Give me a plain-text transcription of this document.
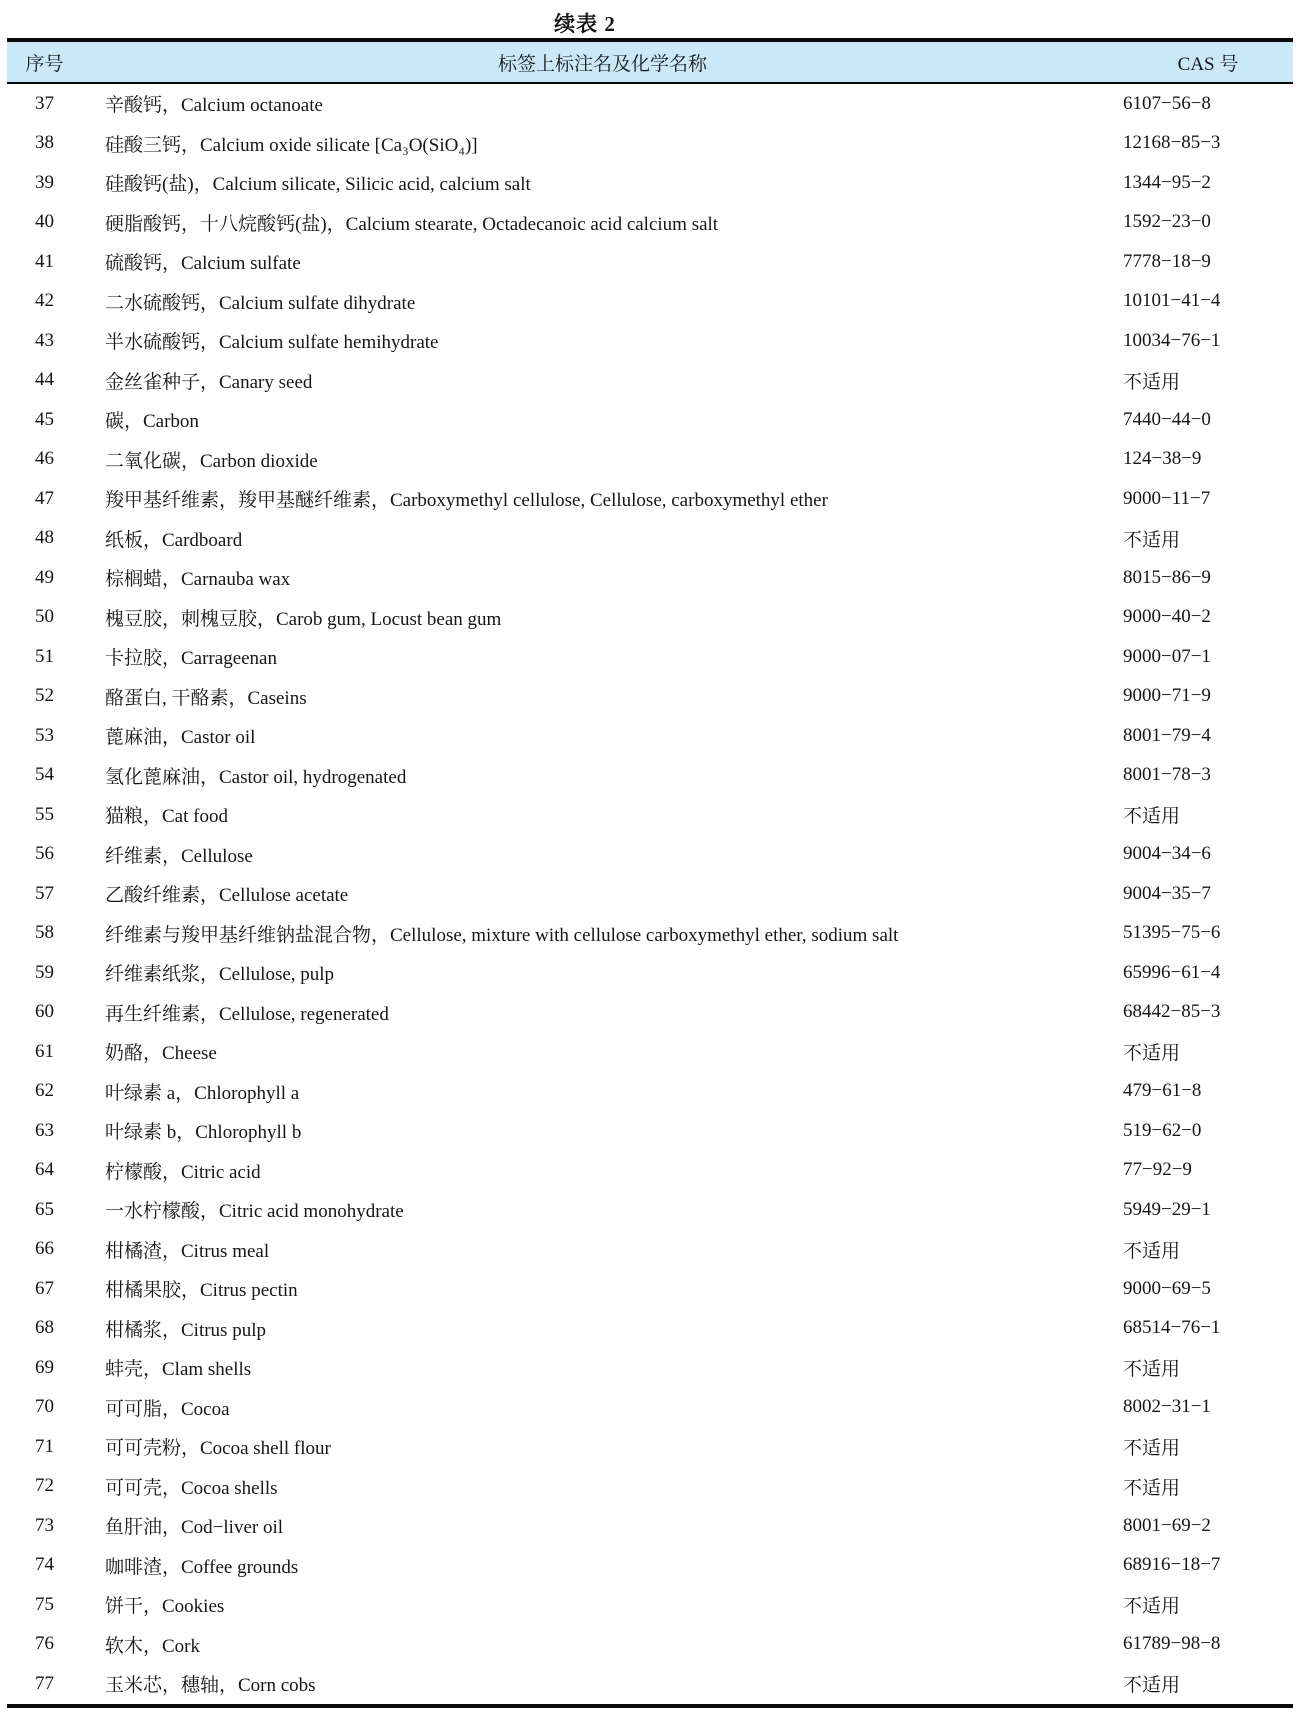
续表 2
序号	标签上标注名及化学名称	CAS 号
37	辛酸钙，Calcium octanoate	6107−56−8
38	硅酸三钙，Calcium oxide silicate [Ca₃O(SiO₄)]	12168−85−3
39	硅酸钙(盐)，Calcium silicate, Silicic acid, calcium salt	1344−95−2
40	硬脂酸钙，十八烷酸钙(盐)，Calcium stearate, Octadecanoic acid calcium salt	1592−23−0
41	硫酸钙，Calcium sulfate	7778−18−9
42	二水硫酸钙，Calcium sulfate dihydrate	10101−41−4
43	半水硫酸钙，Calcium sulfate hemihydrate	10034−76−1
44	金丝雀种子，Canary seed	不适用
45	碳，Carbon	7440−44−0
46	二氧化碳，Carbon dioxide	124−38−9
47	羧甲基纤维素，羧甲基醚纤维素，Carboxymethyl cellulose, Cellulose, carboxymethyl ether	9000−11−7
48	纸板，Cardboard	不适用
49	棕榈蜡，Carnauba wax	8015−86−9
50	槐豆胶，刺槐豆胶，Carob gum, Locust bean gum	9000−40−2
51	卡拉胶，Carrageenan	9000−07−1
52	酪蛋白, 干酪素，Caseins	9000−71−9
53	蓖麻油，Castor oil	8001−79−4
54	氢化蓖麻油，Castor oil, hydrogenated	8001−78−3
55	猫粮，Cat food	不适用
56	纤维素，Cellulose	9004−34−6
57	乙酸纤维素，Cellulose acetate	9004−35−7
58	纤维素与羧甲基纤维钠盐混合物，Cellulose, mixture with cellulose carboxymethyl ether, sodium salt	51395−75−6
59	纤维素纸浆，Cellulose, pulp	65996−61−4
60	再生纤维素，Cellulose, regenerated	68442−85−3
61	奶酪，Cheese	不适用
62	叶绿素 a，Chlorophyll a	479−61−8
63	叶绿素 b，Chlorophyll b	519−62−0
64	柠檬酸，Citric acid	77−92−9
65	一水柠檬酸，Citric acid monohydrate	5949−29−1
66	柑橘渣，Citrus meal	不适用
67	柑橘果胶，Citrus pectin	9000−69−5
68	柑橘浆，Citrus pulp	68514−76−1
69	蚌壳，Clam shells	不适用
70	可可脂，Cocoa	8002−31−1
71	可可壳粉，Cocoa shell flour	不适用
72	可可壳，Cocoa shells	不适用
73	鱼肝油，Cod−liver oil	8001−69−2
74	咖啡渣，Coffee grounds	68916−18−7
75	饼干，Cookies	不适用
76	软木，Cork	61789−98−8
77	玉米芯，穗轴，Corn cobs	不适用
